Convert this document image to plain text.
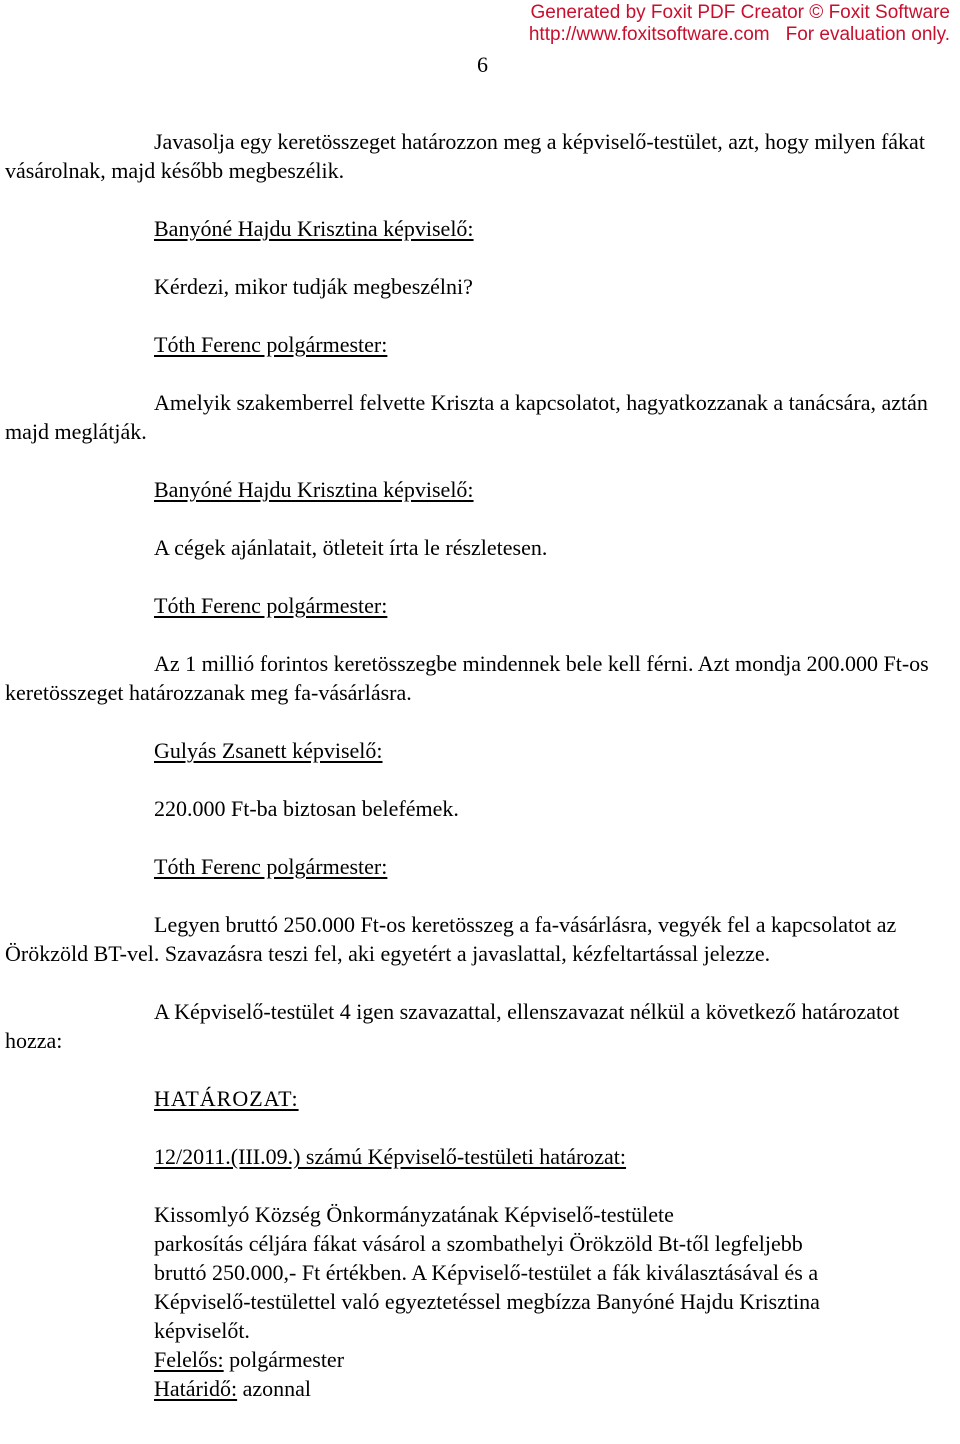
Generated by Foxit PDF Creator © Foxit Software
http://www.foxitsoftware.com For evaluation only.
6

Javasolja egy keretösszeget határozzon meg a képviselő-testület, azt, hogy milyen fákat vásárolnak, majd később megbeszélik.

Banyóné Hajdu Krisztina képviselő:

Kérdezi, mikor tudják megbeszélni?

Tóth Ferenc polgármester:

Amelyik szakemberrel felvette Kriszta a kapcsolatot, hagyatkozzanak a tanácsára, aztán majd meglátják.

Banyóné Hajdu Krisztina képviselő:

A cégek ajánlatait, ötleteit írta le részletesen.

Tóth Ferenc polgármester:

Az 1 millió forintos keretösszegbe mindennek bele kell férni. Azt mondja 200.000 Ft-os keretösszeget határozzanak meg fa-vásárlásra.

Gulyás Zsanett képviselő:

220.000 Ft-ba biztosan belefémek.

Tóth Ferenc polgármester:

Legyen bruttó 250.000 Ft-os keretösszeg a fa-vásárlásra, vegyék fel a kapcsolatot az Örökzöld BT-vel. Szavazásra teszi fel, aki egyetért a javaslattal, kézfeltartással jelezze.

A Képviselő-testület 4 igen szavazattal, ellenszavazat nélkül a következő határozatot hozza:

HATÁROZAT:

12/2011.(III.09.) számú Képviselő-testületi határozat:

Kissomlyó Község Önkormányzatának Képviselő-testülete
parkosítás céljára fákat vásárol a szombathelyi Örökzöld Bt-től legfeljebb
bruttó 250.000,- Ft értékben. A Képviselő-testület a fák kiválasztásával és a
Képviselő-testülettel való egyeztetéssel megbízza Banyóné Hajdu Krisztina
képviselőt.
Felelős: polgármester
Határidő: azonnal
